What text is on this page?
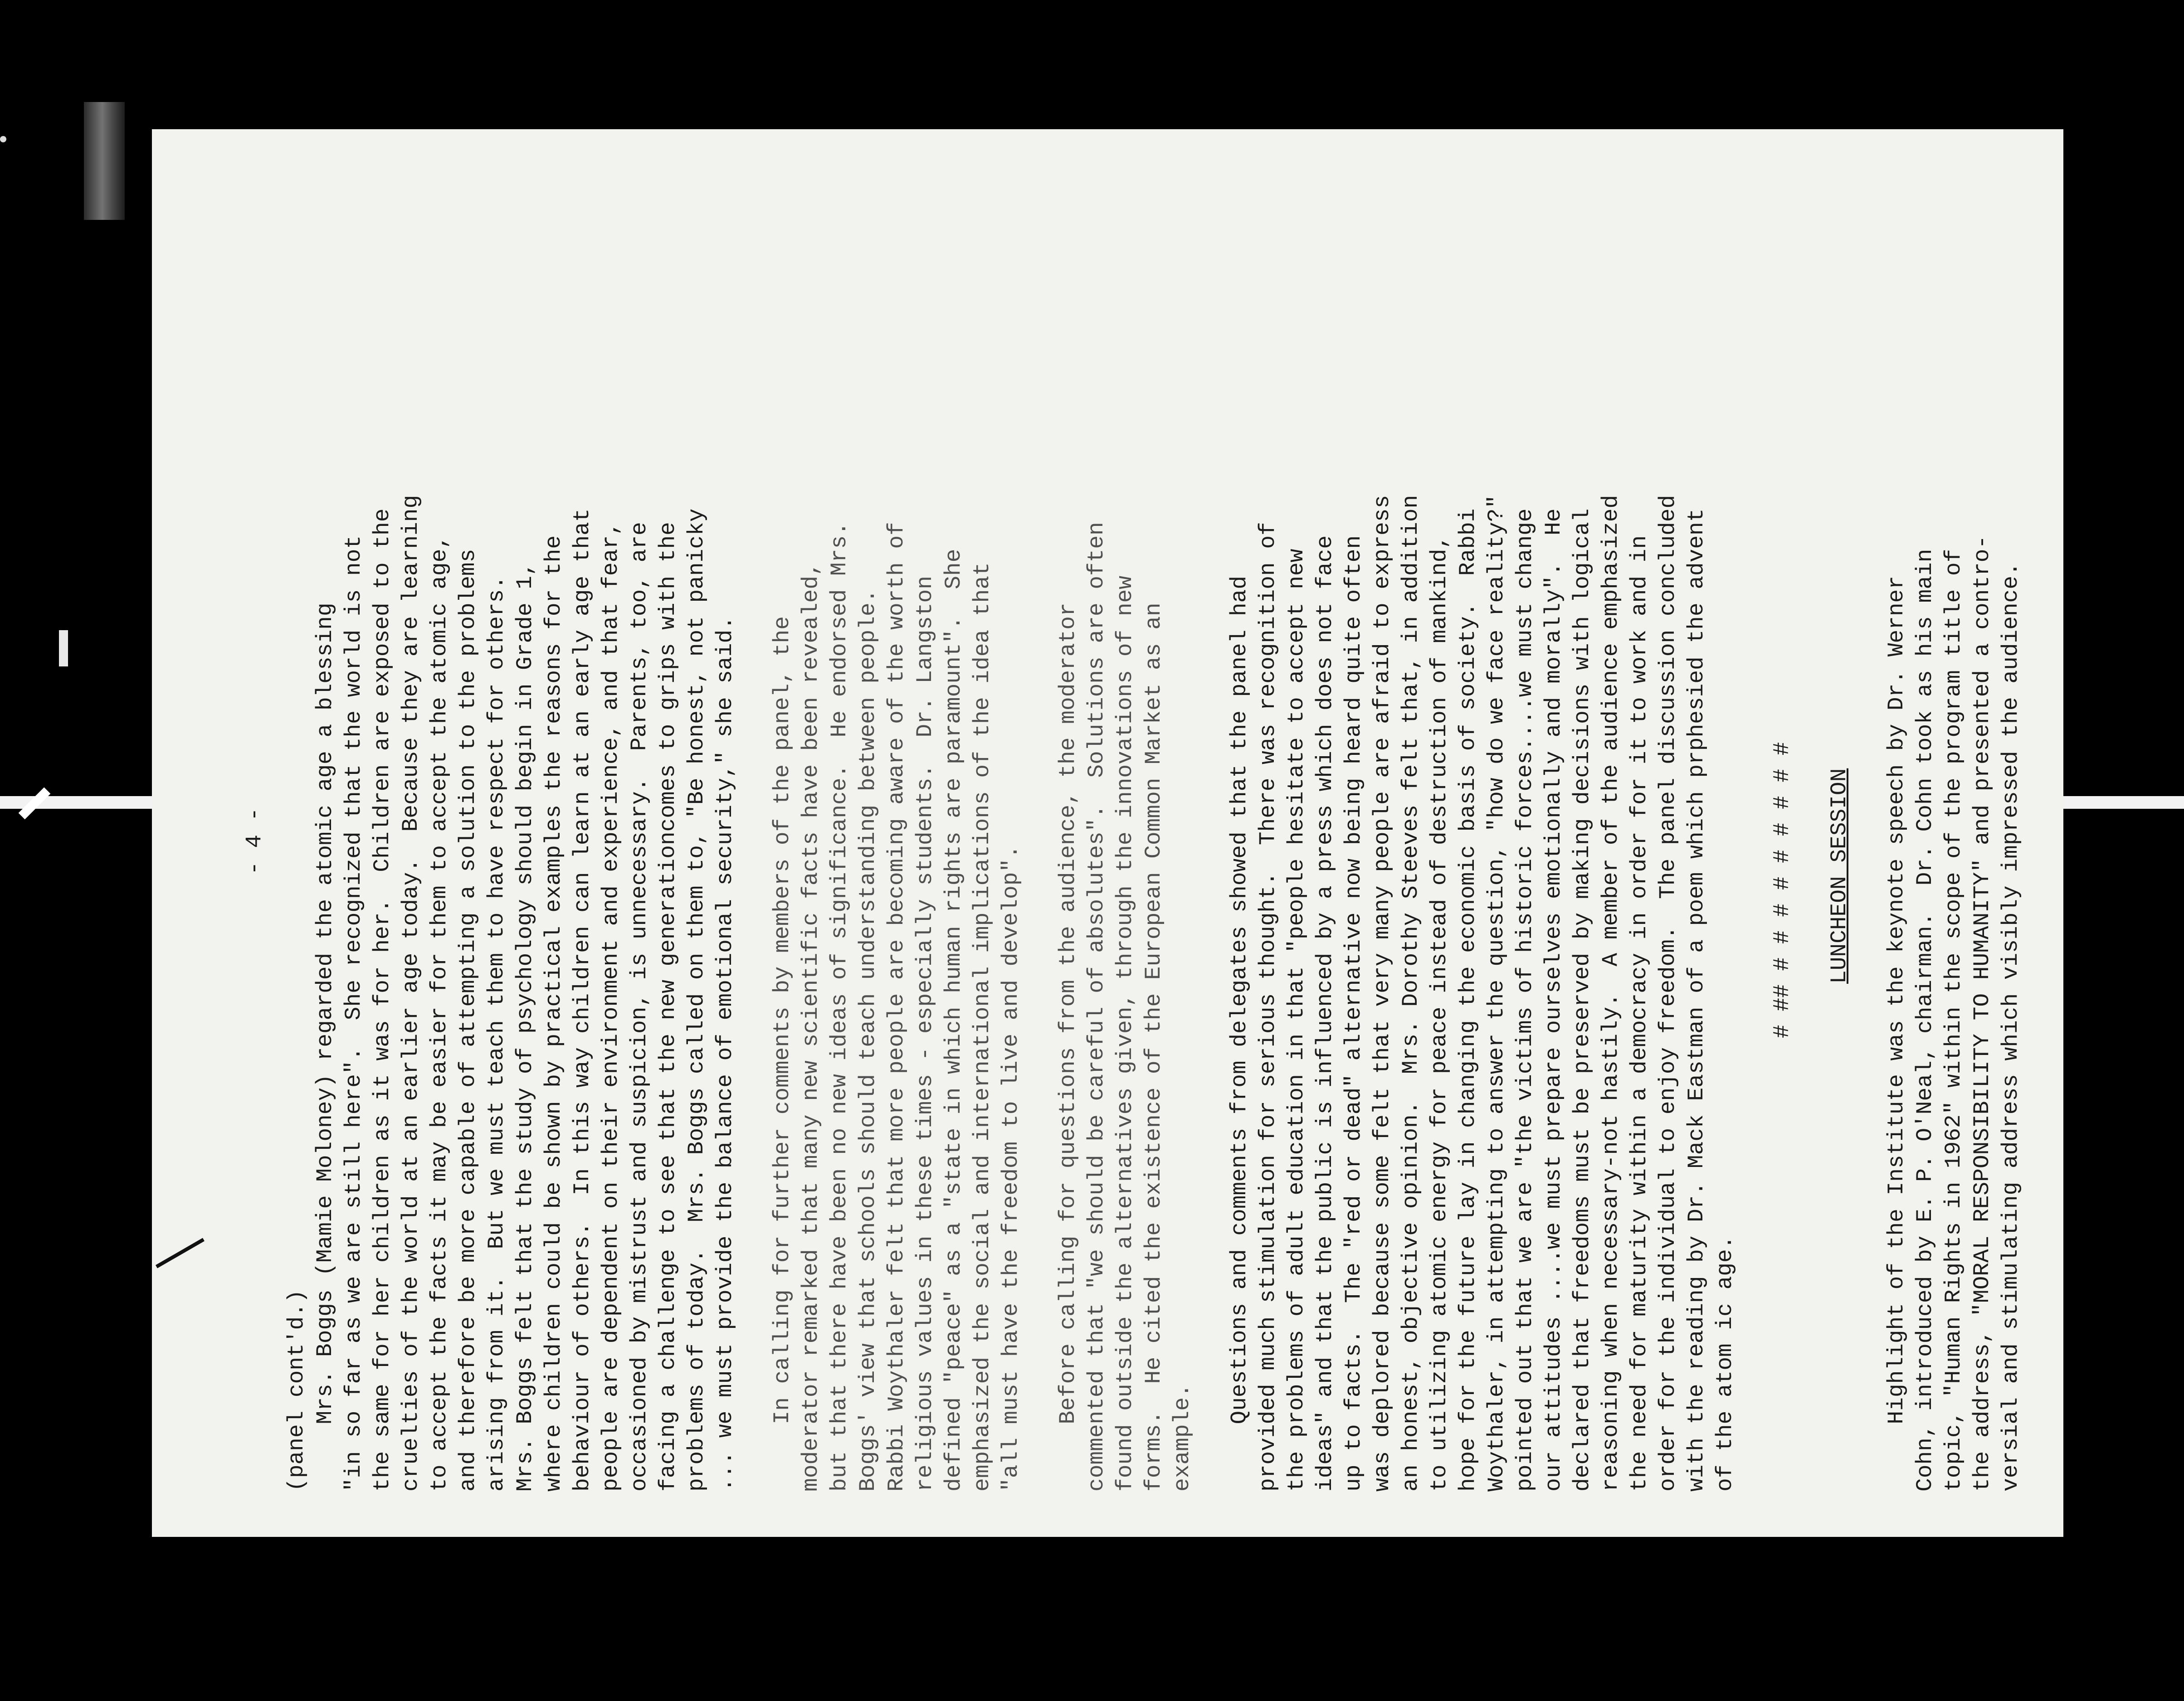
- 4 -
(panel cont'd.) Mrs. Boggs (Mamie Moloney) regarded the atomic age a blessing "in so far as we are still here".  She recognized that the world is not the same for her children as it was for her.  Children are exposed to the cruelties of the world at an earlier age today.  Because they are learning to accept the facts it may be easier for them to accept the atomic age, and therefore be more capable of attempting a solution to the problems arising from it.  But we must teach them to have respect for others. Mrs. Boggs felt that the study of psychology should begin in Grade 1, where children could be shown by practical examples the reasons for the behaviour of others.  In this way children can learn at an early age that people are dependent on their environment and experience, and that fear, occasioned by mistrust and suspicion, is unnecessary.  Parents, too, are facing a challenge to see that the new generationcomes to grips with the problems of today.  Mrs. Boggs called on them to, "Be honest, not panicky ... we must provide the balance of emotional security," she said. In calling for further comments by members of the panel, the moderator remarked that many new scientific facts have been revealed, but that there have been no new ideas of significance.  He endorsed Mrs. Boggs' view that schools should teach understanding between people. Rabbi Woythaler felt that more people are becoming aware of the worth of religious values in these times - especially students.  Dr. Langston defined "peace" as a "state in which human rights are paramount".  She emphasized the social and international implications of the idea that "all must have the freedom to live and develop". Before calling for questions from the audience, the moderator commented that "we should be careful of absolutes".  Solutions are often found outside the alternatives given, through the innovations of new forms.  He cited the existence of the European Common Market as an example. Questions and comments from delegates showed that the panel had provided much stimulation for serious thought.  There was recognition of the problems of adult education in that "people hesitate to accept new ideas" and that the public is influenced by a press which does not face up to facts.  The "red or dead" alternative now being heard quite often was deplored because some felt that very many people are afraid to express an honest, objective opinion.  Mrs. Dorothy Steeves felt that, in addition to utilizing atomic energy for peace instead of destruction of mankind, hope for the future lay in changing the economic basis of society.  Rabbi Woythaler, in attempting to answer the question, "how do we face reality?" pointed out that we are "the victims of historic forces....we must change our attitudes ....we must prepare ourselves emotionally and morally".  He declared that freedoms must be preserved by making decisions with logical reasoning when necessary-not hastily.  A member of the audience emphasized the need for maturity within a democracy in order for it to work and in order for the individual to enjoy freedom.  The panel discussion concluded with the reading by Dr. Mack Eastman of a poem which prphesied the advent of the atom ic age.
# ## # # # # # # # # # LUNCHEON SESSION Highlight of the Institute was the keynote speech by Dr. Werner Cohn, introduced by E. P. O'Neal, chairman.  Dr. Cohn took as his main topic, "Human Rights in 1962" within the scope of the program title of the address, "MORAL RESPONSIBILITY TO HUMANITY" and presented a contro- versial and stimulating address which visibly impressed the audience.
